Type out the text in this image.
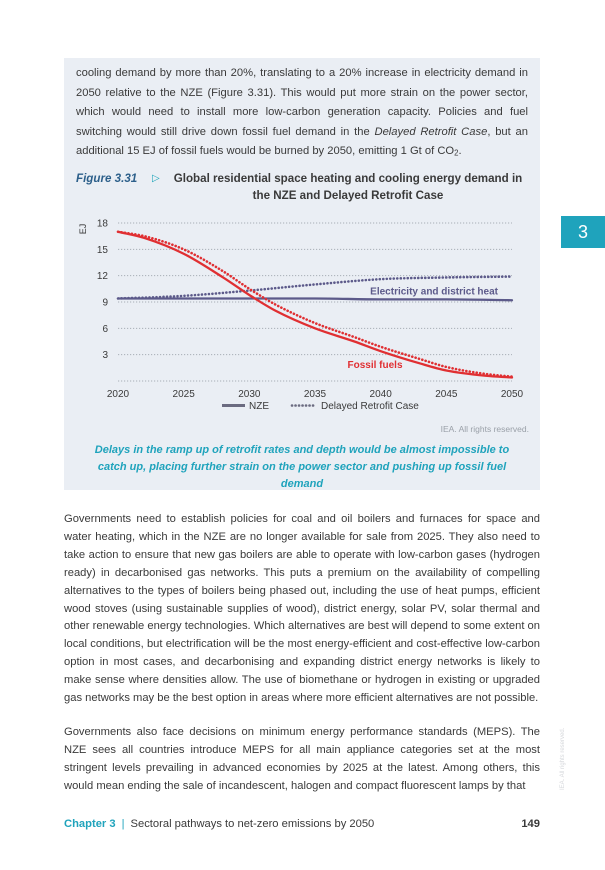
cooling demand by more than 20%, translating to a 20% increase in electricity demand in 2050 relative to the NZE (Figure 3.31). This would put more strain on the power sector, which would need to install more low-carbon generation capacity. Policies and fuel switching would still drive down fossil fuel demand in the Delayed Retrofit Case, but an additional 15 EJ of fossil fuels would be burned by 2050, emitting 1 Gt of $CO_2$.

Figure 3.31 ▷ Global residential space heating and cooling energy demand in the NZE and Delayed Retrofit Case
3
6
9
12
15
18
2020	2025	2030	2035	2040	2045	2050
EJ
Electricity and district heat
Fossil fuels
NZE	Delayed Retrofit Case
IEA. All rights reserved.
Delays in the ramp up of retrofit rates and depth would be almost impossible to catch up, placing further strain on the power sector and pushing up fossil fuel demand

Governments need to establish policies for coal and oil boilers and furnaces for space and water heating, which in the NZE are no longer available for sale from 2025. They also need to take action to ensure that new gas boilers are able to operate with low-carbon gases (hydrogen ready) in decarbonised gas networks. This puts a premium on the availability of compelling alternatives to the types of boilers being phased out, including the use of heat pumps, efficient wood stoves (using sustainable supplies of wood), district energy, solar PV, solar thermal and other renewable energy technologies. Which alternatives are best will depend to some extent on local conditions, but electrification will be the most energy-efficient and cost-effective low-carbon option in most cases, and decarbonising and expanding district energy networks is likely to make sense where densities allow. The use of biomethane or hydrogen in existing or upgraded gas networks may be the best option in areas where more efficient alternatives are not possible.

Governments also face decisions on minimum energy performance standards (MEPS). The NZE sees all countries introduce MEPS for all main appliance categories set at the most stringent levels prevailing in advanced economies by 2025 at the latest. Among others, this would mean ending the sale of incandescent, halogen and compact fluorescent lamps by that

3
Chapter 3 | Sectoral pathways to net-zero emissions by 2050	149
IEA. All rights reserved.
